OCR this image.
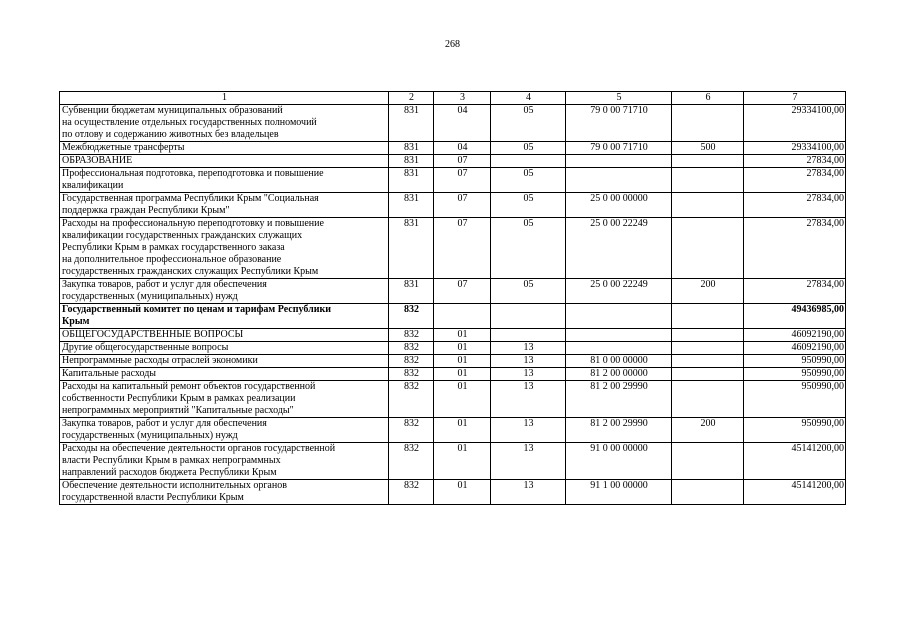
268
1	2	3	4	5	6	7
Субвенции бюджетам муниципальных образований
на осуществление отдельных государственных полномочий
по отлову и содержанию животных без владельцев	831	04	05	79 0 00 71710		29334100,00
Межбюджетные трансферты	831	04	05	79 0 00 71710	500	29334100,00
ОБРАЗОВАНИЕ	831	07				27834,00
Профессиональная подготовка, переподготовка и повышение
квалификации	831	07	05			27834,00
Государственная программа Республики Крым "Социальная
поддержка граждан Республики Крым"	831	07	05	25 0 00 00000		27834,00
Расходы на профессиональную переподготовку и повышение
квалификации государственных гражданских служащих
Республики Крым в рамках государственного заказа
на дополнительное профессиональное образование
государственных гражданских служащих Республики Крым	831	07	05	25 0 00 22249		27834,00
Закупка товаров, работ и услуг для обеспечения
государственных (муниципальных) нужд	831	07	05	25 0 00 22249	200	27834,00
Государственный комитет по ценам и тарифам Республики
Крым	832					49436985,00
ОБЩЕГОСУДАРСТВЕННЫЕ ВОПРОСЫ	832	01				46092190,00
Другие общегосударственные вопросы	832	01	13			46092190,00
Непрограммные расходы отраслей экономики	832	01	13	81 0 00 00000		950990,00
Капитальные расходы	832	01	13	81 2 00 00000		950990,00
Расходы на капитальный ремонт объектов государственной
собственности Республики Крым в рамках реализации
непрограммных мероприятий "Капитальные расходы"	832	01	13	81 2 00 29990		950990,00
Закупка товаров, работ и услуг для обеспечения
государственных (муниципальных) нужд	832	01	13	81 2 00 29990	200	950990,00
Расходы на обеспечение деятельности органов государственной
власти Республики Крым в рамках непрограммных
направлений расходов бюджета Республики Крым	832	01	13	91 0 00 00000		45141200,00
Обеспечение деятельности исполнительных органов
государственной власти Республики Крым	832	01	13	91 1 00 00000		45141200,00
